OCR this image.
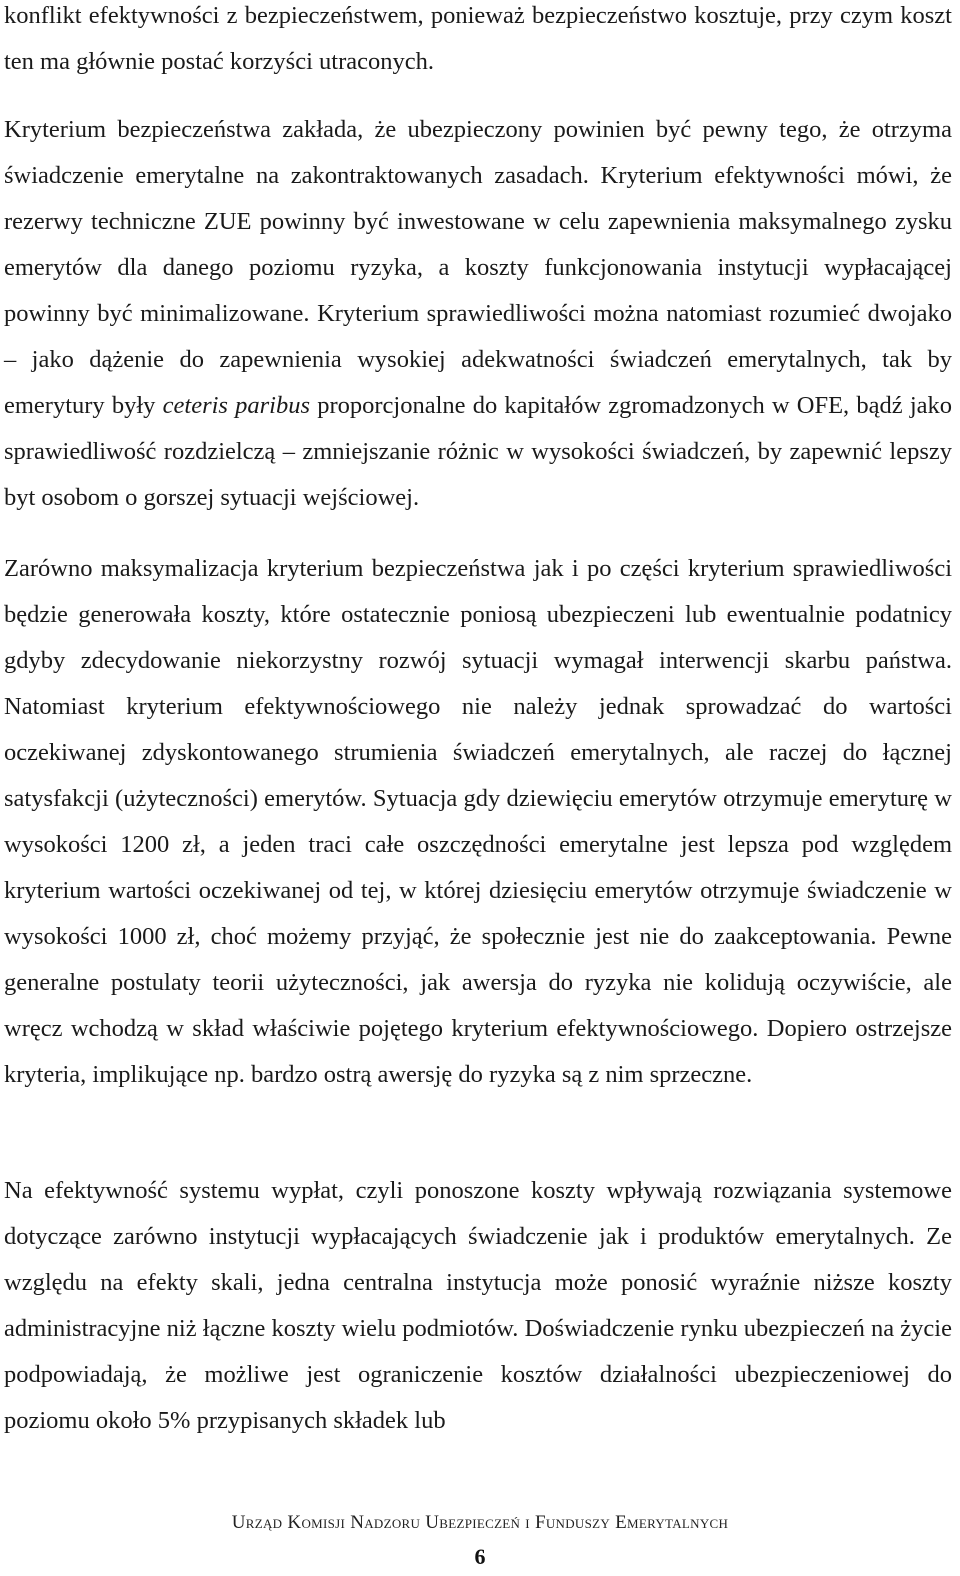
konflikt efektywności z bezpieczeństwem, ponieważ bezpieczeństwo kosztuje, przy czym koszt ten ma głównie postać korzyści utraconych.

Kryterium bezpieczeństwa zakłada, że ubezpieczony powinien być pewny tego, że otrzyma świadczenie emerytalne na zakontraktowanych zasadach. Kryterium efektywności mówi, że rezerwy techniczne ZUE powinny być inwestowane w celu zapewnienia maksymalnego zysku emerytów dla danego poziomu ryzyka, a koszty funkcjonowania instytucji wypłacającej powinny być minimalizowane. Kryterium sprawiedliwości można natomiast rozumieć dwojako – jako dążenie do zapewnienia wysokiej adekwatności świadczeń emerytalnych, tak by emerytury były ceteris paribus proporcjonalne do kapitałów zgromadzonych w OFE, bądź jako sprawiedliwość rozdzielczą – zmniejszanie różnic w wysokości świadczeń, by zapewnić lepszy byt osobom o gorszej sytuacji wejściowej.

Zarówno maksymalizacja kryterium bezpieczeństwa jak i po części kryterium sprawiedliwości będzie generowała koszty, które ostatecznie poniosą ubezpieczeni lub ewentualnie podatnicy gdyby zdecydowanie niekorzystny rozwój sytuacji wymagał interwencji skarbu państwa. Natomiast kryterium efektywnościowego nie należy jednak sprowadzać do wartości oczekiwanej zdyskontowanego strumienia świadczeń emerytalnych, ale raczej do łącznej satysfakcji (użyteczności) emerytów. Sytuacja gdy dziewięciu emerytów otrzymuje emeryturę w wysokości 1200 zł, a jeden traci całe oszczędności emerytalne jest lepsza pod względem kryterium wartości oczekiwanej od tej, w której dziesięciu emerytów otrzymuje świadczenie w wysokości 1000 zł, choć możemy przyjąć, że społecznie jest nie do zaakceptowania. Pewne generalne postulaty teorii użyteczności, jak awersja do ryzyka nie kolidują oczywiście, ale wręcz wchodzą w skład właściwie pojętego kryterium efektywnościowego. Dopiero ostrzejsze kryteria, implikujące np. bardzo ostrą awersję do ryzyka są z nim sprzeczne.

Na efektywność systemu wypłat, czyli ponoszone koszty wpływają rozwiązania systemowe dotyczące zarówno instytucji wypłacających świadczenie jak i produktów emerytalnych. Ze względu na efekty skali, jedna centralna instytucja może ponosić wyraźnie niższe koszty administracyjne niż łączne koszty wielu podmiotów. Doświadczenie rynku ubezpieczeń na życie podpowiadają, że możliwe jest ograniczenie kosztów działalności ubezpieczeniowej do poziomu około 5% przypisanych składek lub

Urząd Komisji Nadzoru Ubezpieczeń i Funduszy Emerytalnych
6
